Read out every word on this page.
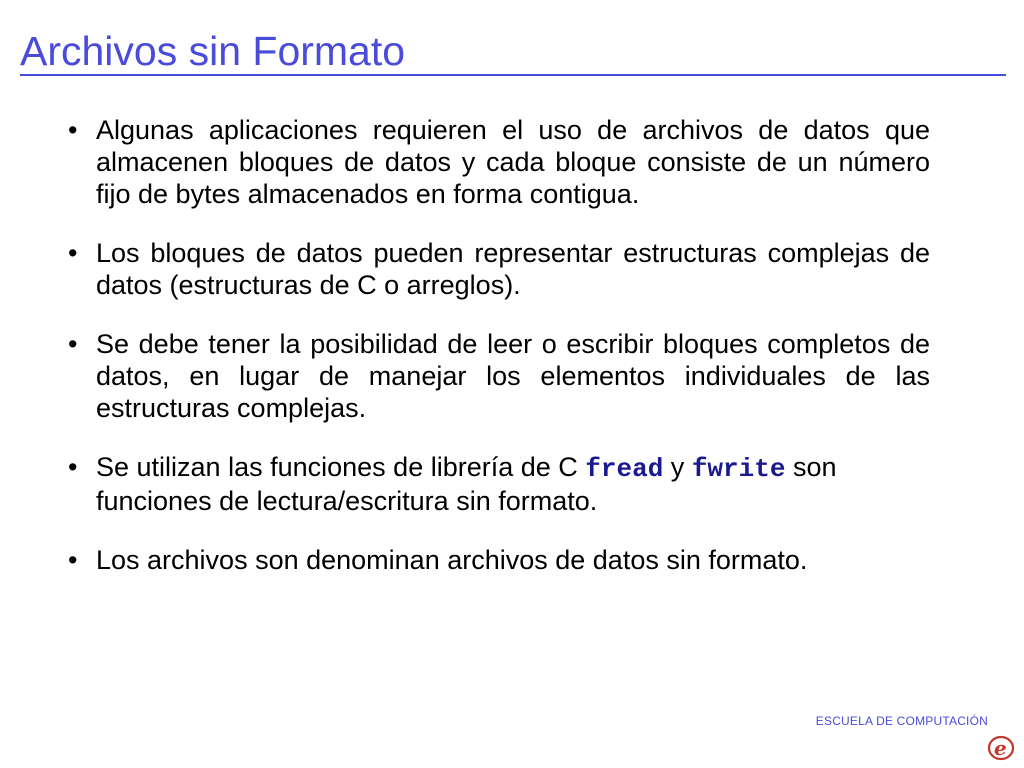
Archivos sin Formato
• Algunas aplicaciones requieren el uso de archivos de datos que almacenen bloques de datos y cada bloque consiste de un número fijo de bytes almacenados en forma contigua.
• Los bloques de datos pueden representar estructuras complejas de datos (estructuras de C o arreglos).
• Se debe tener la posibilidad de leer o escribir bloques completos de datos, en lugar de manejar los elementos individuales de las estructuras complejas.
• Se utilizan las funciones de librería de C fread y fwrite son funciones de lectura/escritura sin formato.
• Los archivos son denominan archivos de datos sin formato.
ESCUELA DE COMPUTACIÓN
e
